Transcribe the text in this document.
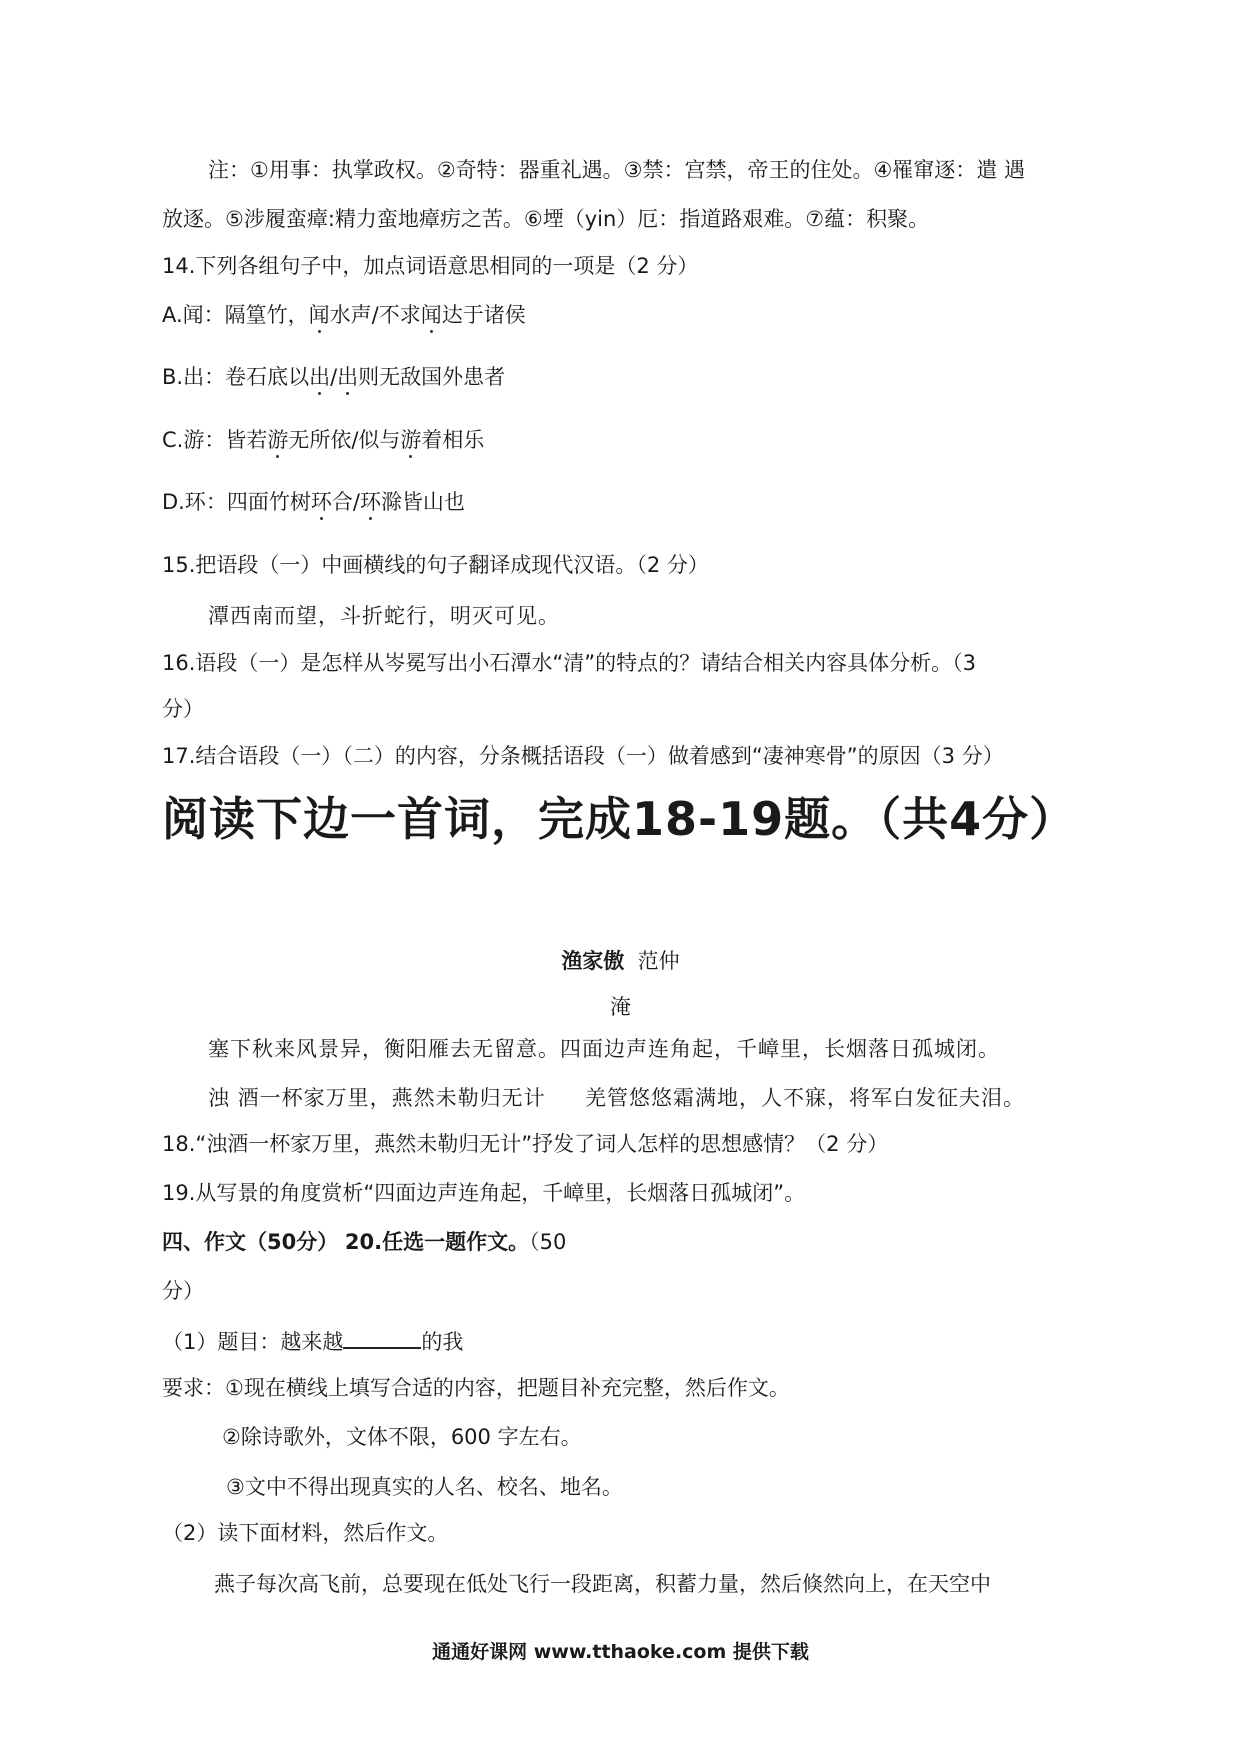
注：①用事：执掌政权。②奇特：器重礼遇。③禁：宫禁，帝王的住处。④罹窜逐：遣 遇
放逐。⑤涉履蛮瘴:精力蛮地瘴疠之苦。⑥堙（yin）厄：指道路艰难。⑦蕴：积聚。
14.下列各组句子中，加点词语意思相同的一项是（2 分）
A.闻：隔篁竹，闻水声/不求闻达于诸侯
B.出：卷石底以出/出则无敌国外患者
C.游：皆若游无所依/似与游着相乐
D.环：四面竹树环合/环滁皆山也
15.把语段（一）中画横线的句子翻译成现代汉语。（2 分）
潭西南而望，斗折蛇行，明灭可见。
16.语段（一）是怎样从岑冕写出小石潭水“清”的特点的？请结合相关内容具体分析。（3
分）
17.结合语段（一）（二）的内容，分条概括语段（一）做着感到“凄神寒骨”的原因（3 分）
阅读下边一首词，完成18-19题。（共4分）
渔家傲 范仲
淹
塞下秋来风景异，衡阳雁去无留意。四面边声连角起，千嶂里，长烟落日孤城闭。
浊 酒一杯家万里，燕然未勒归无计 羌管悠悠霜满地，人不寐，将军白发征夫泪。
18.“浊酒一杯家万里，燕然未勒归无计”抒发了词人怎样的思想感情？（2 分）
19.从写景的角度赏析“四面边声连角起，千嶂里，长烟落日孤城闭”。
四、作文（50分） 20.任选一题作文。（50
分）
（1）题目：越来越	的我
要求：①现在横线上填写合适的内容，把题目补充完整，然后作文。
②除诗歌外，文体不限，600 字左右。
③文中不得出现真实的人名、校名、地名。
（2）读下面材料，然后作文。
燕子每次高飞前，总要现在低处飞行一段距离，积蓄力量，然后倏然向上，在天空中
通通好课网 www.tthaoke.com 提供下载
